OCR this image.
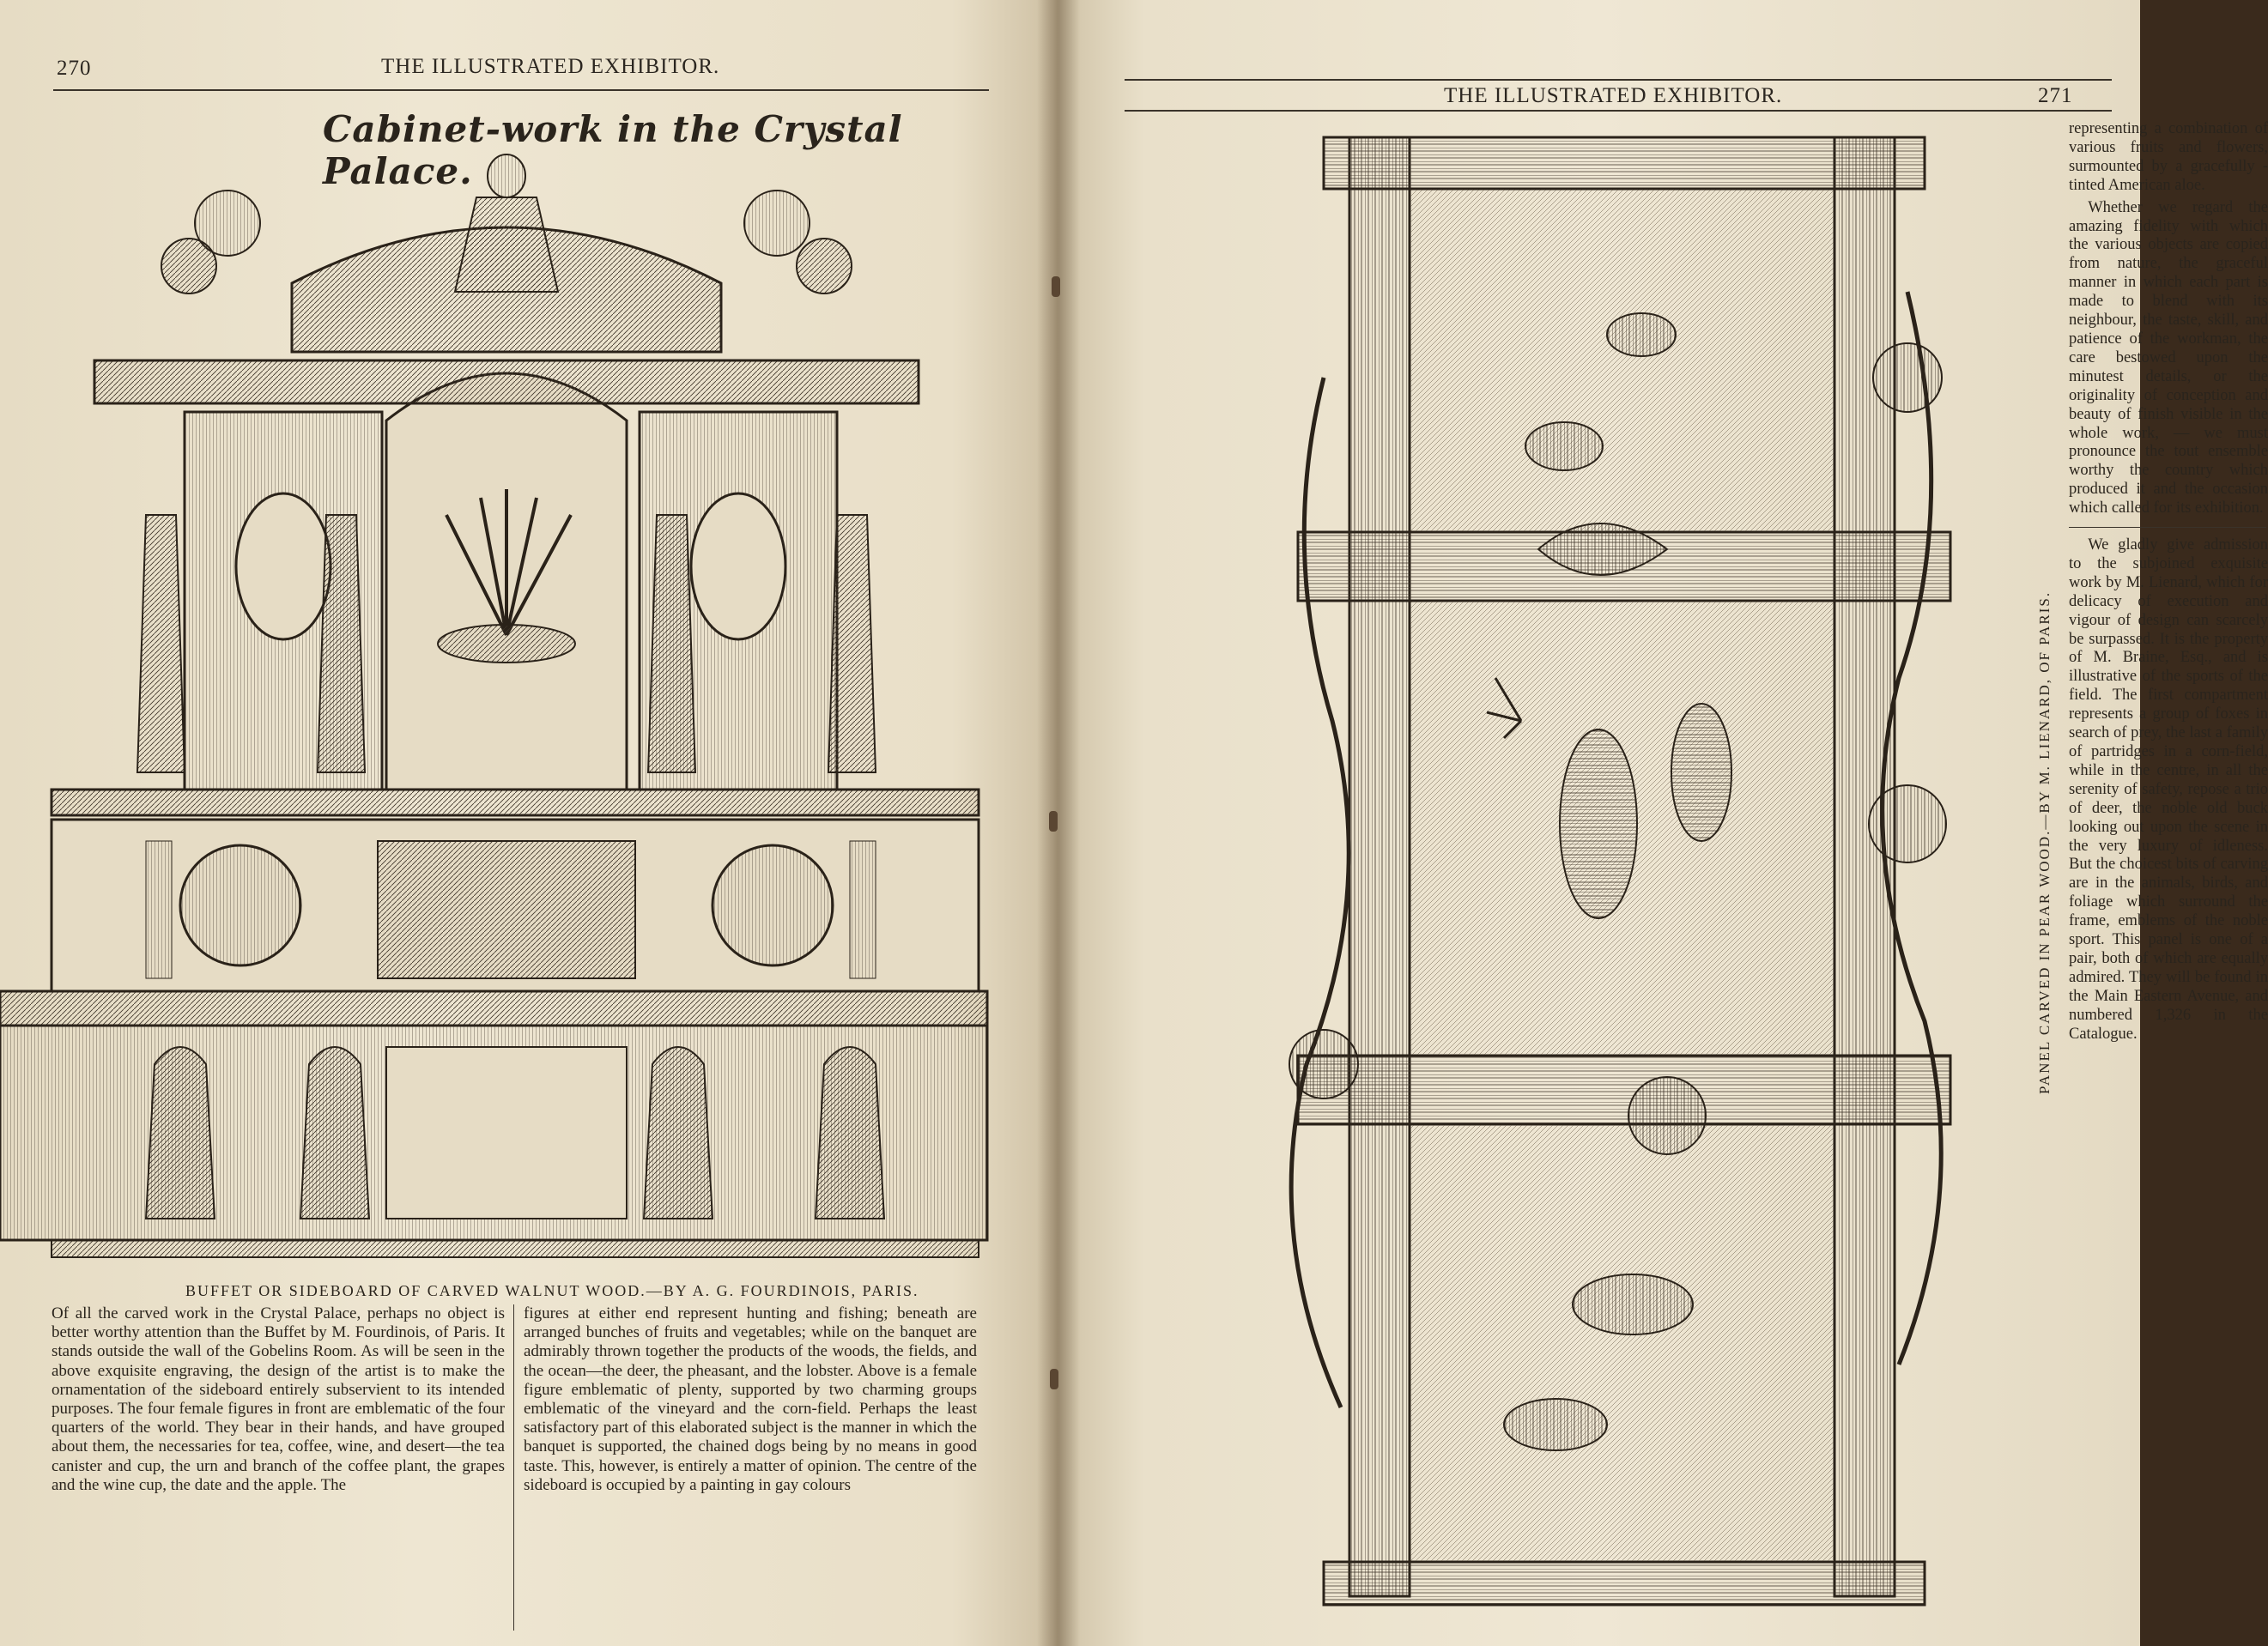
270	THE ILLUSTRATED EXHIBITOR.
Cabinet-work in the Crystal Palace.
BUFFET OR SIDEBOARD OF CARVED WALNUT WOOD.—BY A. G. FOURDINOIS, PARIS.

Of all the carved work in the Crystal Palace, perhaps no object is better worthy attention than the Buffet by M. Fourdinois, of Paris. It stands outside the wall of the Gobelins Room. As will be seen in the above exquisite engraving, the design of the artist is to make the ornamentation of the sideboard entirely subservient to its intended purposes. The four female figures in front are emblematic of the four quarters of the world. They bear in their hands, and have grouped about them, the necessaries for tea, coffee, wine, and desert—the tea canister and cup, the urn and branch of the coffee plant, the grapes and the wine cup, the date and the apple. The

figures at either end represent hunting and fishing; beneath are arranged bunches of fruits and vegetables; while on the banquet are admirably thrown together the products of the woods, the fields, and the ocean—the deer, the pheasant, and the lobster. Above is a female figure emblematic of plenty, supported by two charming groups emblematic of the vineyard and the corn-field. Perhaps the least satisfactory part of this elaborated subject is the manner in which the banquet is supported, the chained dogs being by no means in good taste. This, however, is entirely a matter of opinion. The centre of the sideboard is occupied by a painting in gay colours

THE ILLUSTRATED EXHIBITOR.	271
PANEL CARVED IN PEAR WOOD.—BY M. LIENARD, OF PARIS.

representing a combination of various fruits and flowers, surmounted by a gracefully - tinted American aloe.

Whether we regard the amazing fidelity with which the various objects are copied from nature, the graceful manner in which each part is made to blend with its neighbour, the taste, skill, and patience of the workman, the care bestowed upon the minutest details, or the originality of conception and beauty of finish visible in the whole work, — we must pronounce the tout ensemble worthy the country which produced it and the occasion which called for its exhibition.

We gladly give admission to the subjoined exquisite work by M. Lienard, which for delicacy of execution and vigour of design can scarcely be surpassed. It is the property of M. Braine, Esq., and is illustrative of the sports of the field. The first compartment represents a group of foxes in search of prey, the last a family of partridges in a corn-field, while in the centre, in all the serenity of safety, repose a trio of deer, the noble old buck looking out upon the scene in the very luxury of idleness. But the choicest bits of carving are in the animals, birds, and foliage which surround the frame, emblems of the noble sport. This panel is one of a pair, both of which are equally admired. They will be found in the Main Eastern Avenue, and numbered 1,326 in the Catalogue.
